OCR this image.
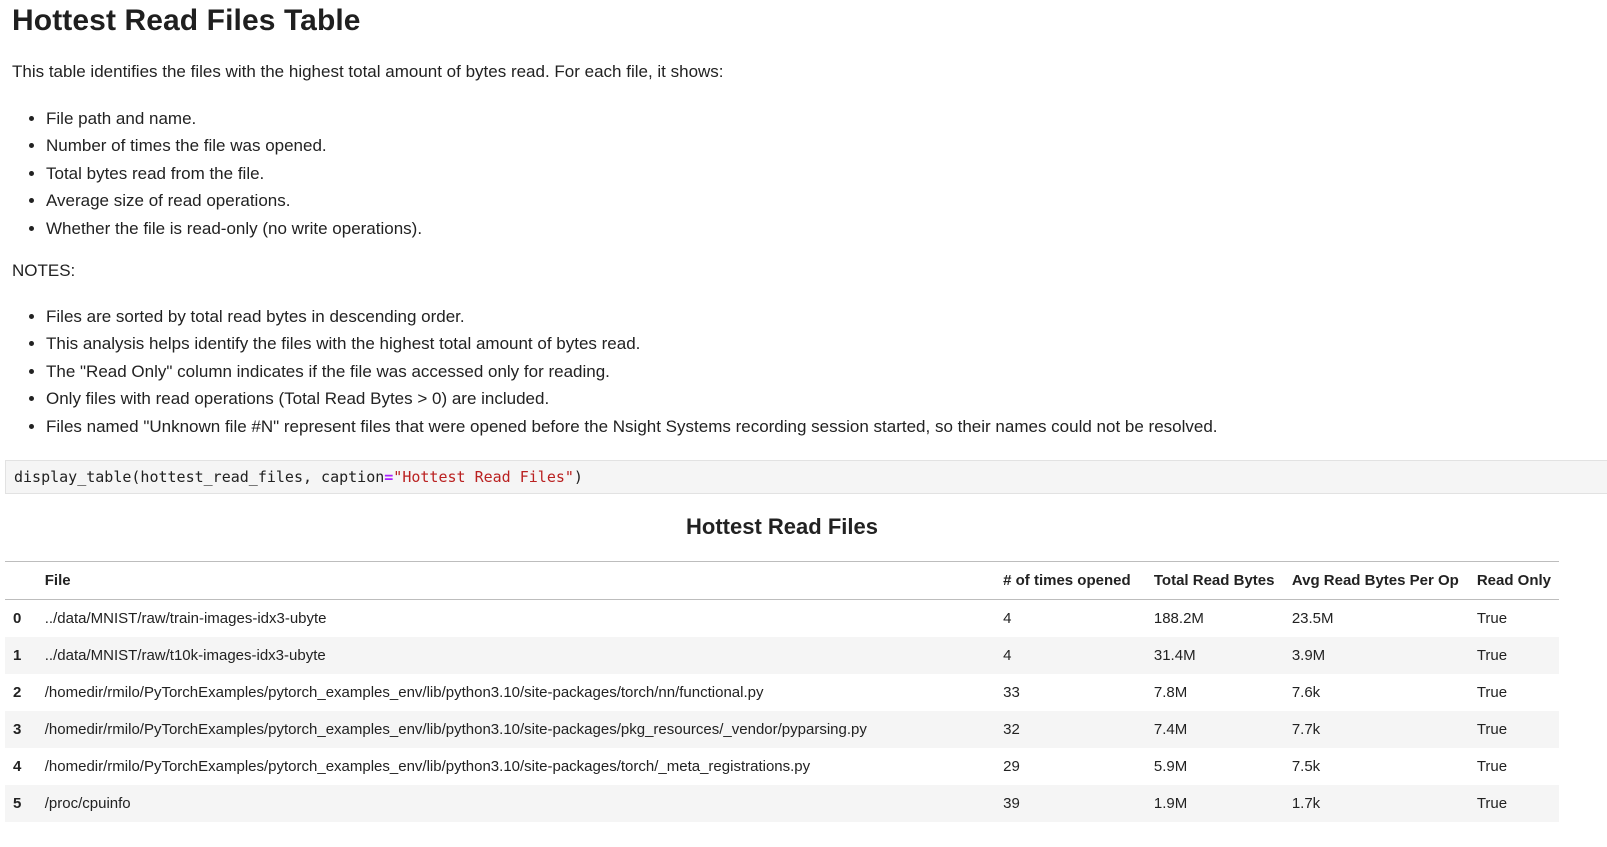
Hottest Read Files Table
This table identifies the files with the highest total amount of bytes read. For each file, it shows:
• File path and name.
• Number of times the file was opened.
• Total bytes read from the file.
• Average size of read operations.
• Whether the file is read-only (no write operations).
NOTES:
• Files are sorted by total read bytes in descending order.
• This analysis helps identify the files with the highest total amount of bytes read.
• The "Read Only" column indicates if the file was accessed only for reading.
• Only files with read operations (Total Read Bytes > 0) are included.
• Files named "Unknown file #N" represent files that were opened before the Nsight Systems recording session started, so their names could not be resolved.
display_table(hottest_read_files, caption="Hottest Read Files")
Hottest Read Files
	File	# of times opened	Total Read Bytes	Avg Read Bytes Per Op	Read Only
0	../data/MNIST/raw/train-images-idx3-ubyte	4	188.2M	23.5M	True
1	../data/MNIST/raw/t10k-images-idx3-ubyte	4	31.4M	3.9M	True
2	/homedir/rmilo/PyTorchExamples/pytorch_examples_env/lib/python3.10/site-packages/torch/nn/functional.py	33	7.8M	7.6k	True
3	/homedir/rmilo/PyTorchExamples/pytorch_examples_env/lib/python3.10/site-packages/pkg_resources/_vendor/pyparsing.py	32	7.4M	7.7k	True
4	/homedir/rmilo/PyTorchExamples/pytorch_examples_env/lib/python3.10/site-packages/torch/_meta_registrations.py	29	5.9M	7.5k	True
5	/proc/cpuinfo	39	1.9M	1.7k	True
